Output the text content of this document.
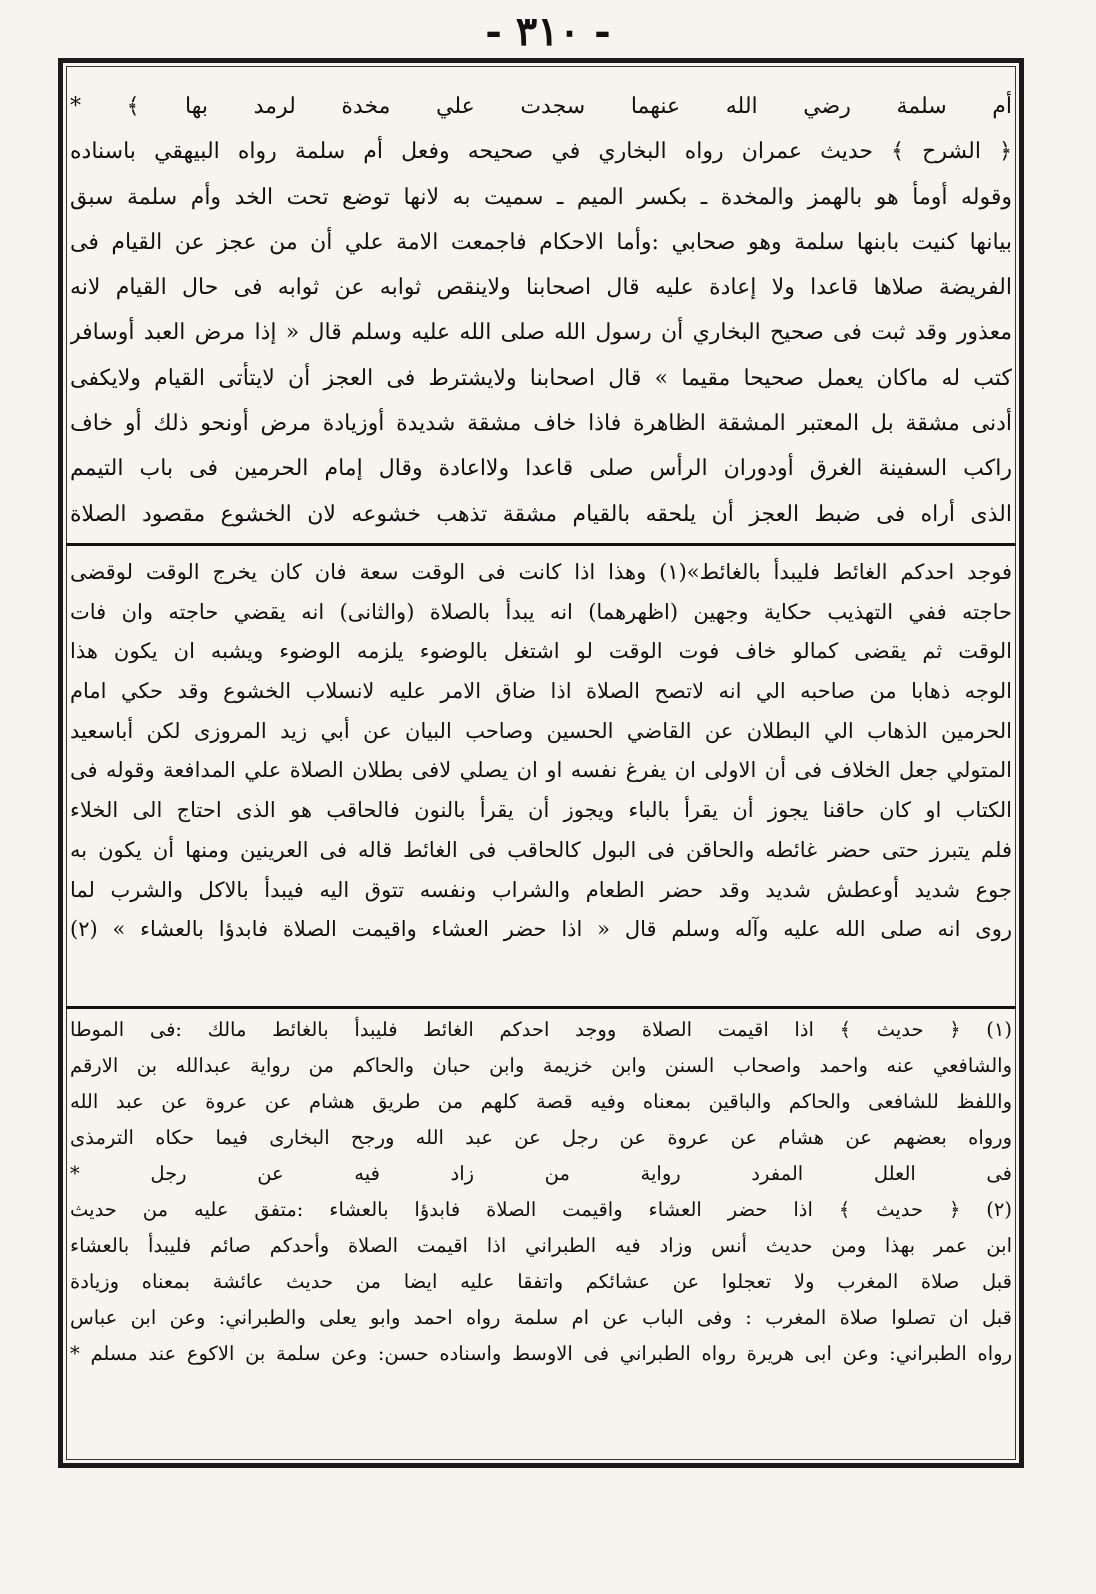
- ٣١٠ -
أم سلمة رضي الله عنهما سجدت علي مخدة لرمد بها ﴾ *
﴿ الشرح ﴾ حديث عمران رواه البخاري في صحيحه وفعل أم سلمة رواه البيهقي باسناده
وقوله أومأ هو بالهمز والمخدة ـ بكسر الميم ـ سميت به لانها توضع تحت الخد وأم سلمة سبق
بيانها كنيت بابنها سلمة وهو صحابي :وأما الاحكام فاجمعت الامة علي أن من عجز عن القيام فى
الفريضة صلاها قاعدا ولا إعادة عليه قال اصحابنا ولاينقص ثوابه عن ثوابه فى حال القيام لانه
معذور وقد ثبت فى صحيح البخاري أن رسول الله صلى الله عليه وسلم قال « إذا مرض العبد أوسافر
كتب له ماكان يعمل صحيحا مقيما » قال اصحابنا ولايشترط فى العجز أن لايتأتى القيام ولايكفى
أدنى مشقة بل المعتبر المشقة الظاهرة فاذا خاف مشقة شديدة أوزيادة مرض أونحو ذلك أو خاف
راكب السفينة الغرق أودوران الرأس صلى قاعدا ولااعادة وقال إمام الحرمين فى باب التيمم
الذى أراه فى ضبط العجز أن يلحقه بالقيام مشقة تذهب خشوعه لان الخشوع مقصود الصلاة
فوجد احدكم الغائط فليبدأ بالغائط»(١) وهذا اذا كانت فى الوقت سعة فان كان يخرج الوقت لوقضى
حاجته ففي التهذيب حكاية وجهين (اظهرهما) انه يبدأ بالصلاة (والثانى) انه يقضي حاجته وان فات
الوقت ثم يقضى كمالو خاف فوت الوقت لو اشتغل بالوضوء يلزمه الوضوء ويشبه ان يكون هذا
الوجه ذهابا من صاحبه الي انه لاتصح الصلاة اذا ضاق الامر عليه لانسلاب الخشوع وقد حكي امام
الحرمين الذهاب الي البطلان عن القاضي الحسين وصاحب البيان عن أبي زيد المروزى لكن أباسعيد
المتولي جعل الخلاف فى أن الاولى ان يفرغ نفسه او ان يصلي لافى بطلان الصلاة علي المدافعة وقوله فى
الكتاب او كان حاقنا يجوز أن يقرأ بالباء ويجوز أن يقرأ بالنون فالحاقب هو الذى احتاج الى الخلاء
فلم يتبرز حتى حضر غائطه والحاقن فى البول كالحاقب فى الغائط قاله فى العرينين ومنها أن يكون به
جوع شديد أوعطش شديد وقد حضر الطعام والشراب ونفسه تتوق اليه فيبدأ بالاكل والشرب لما
روى انه صلى الله عليه وآله وسلم قال « اذا حضر العشاء واقيمت الصلاة فابدؤا بالعشاء » (٢)
(١) ﴿ حديث ﴾ اذا اقيمت الصلاة ووجد احدكم الغائط فليبدأ بالغائط مالك :فى الموطا
والشافعي عنه واحمد واصحاب السنن وابن خزيمة وابن حبان والحاكم من رواية عبدالله بن الارقم
واللفظ للشافعى والحاكم والباقين بمعناه وفيه قصة كلهم من طريق هشام عن عروة عن عبد الله
ورواه بعضهم عن هشام عن عروة عن رجل عن عبد الله ورجح البخارى فيما حكاه الترمذى
فى العلل المفرد رواية من زاد فيه عن رجل *
(٢) ﴿ حديث ﴾ اذا حضر العشاء واقيمت الصلاة فابدؤا بالعشاء :متفق عليه من حديث
ابن عمر بهذا ومن حديث أنس وزاد فيه الطبراني اذا اقيمت الصلاة وأحدكم صائم فليبدأ بالعشاء
قبل صلاة المغرب ولا تعجلوا عن عشائكم واتفقا عليه ايضا من حديث عائشة بمعناه وزيادة
قبل ان تصلوا صلاة المغرب : وفى الباب عن ام سلمة رواه احمد وابو يعلى والطبراني: وعن ابن عباس
رواه الطبراني: وعن ابى هريرة رواه الطبراني فى الاوسط واسناده حسن: وعن سلمة بن الاكوع عند مسلم *
